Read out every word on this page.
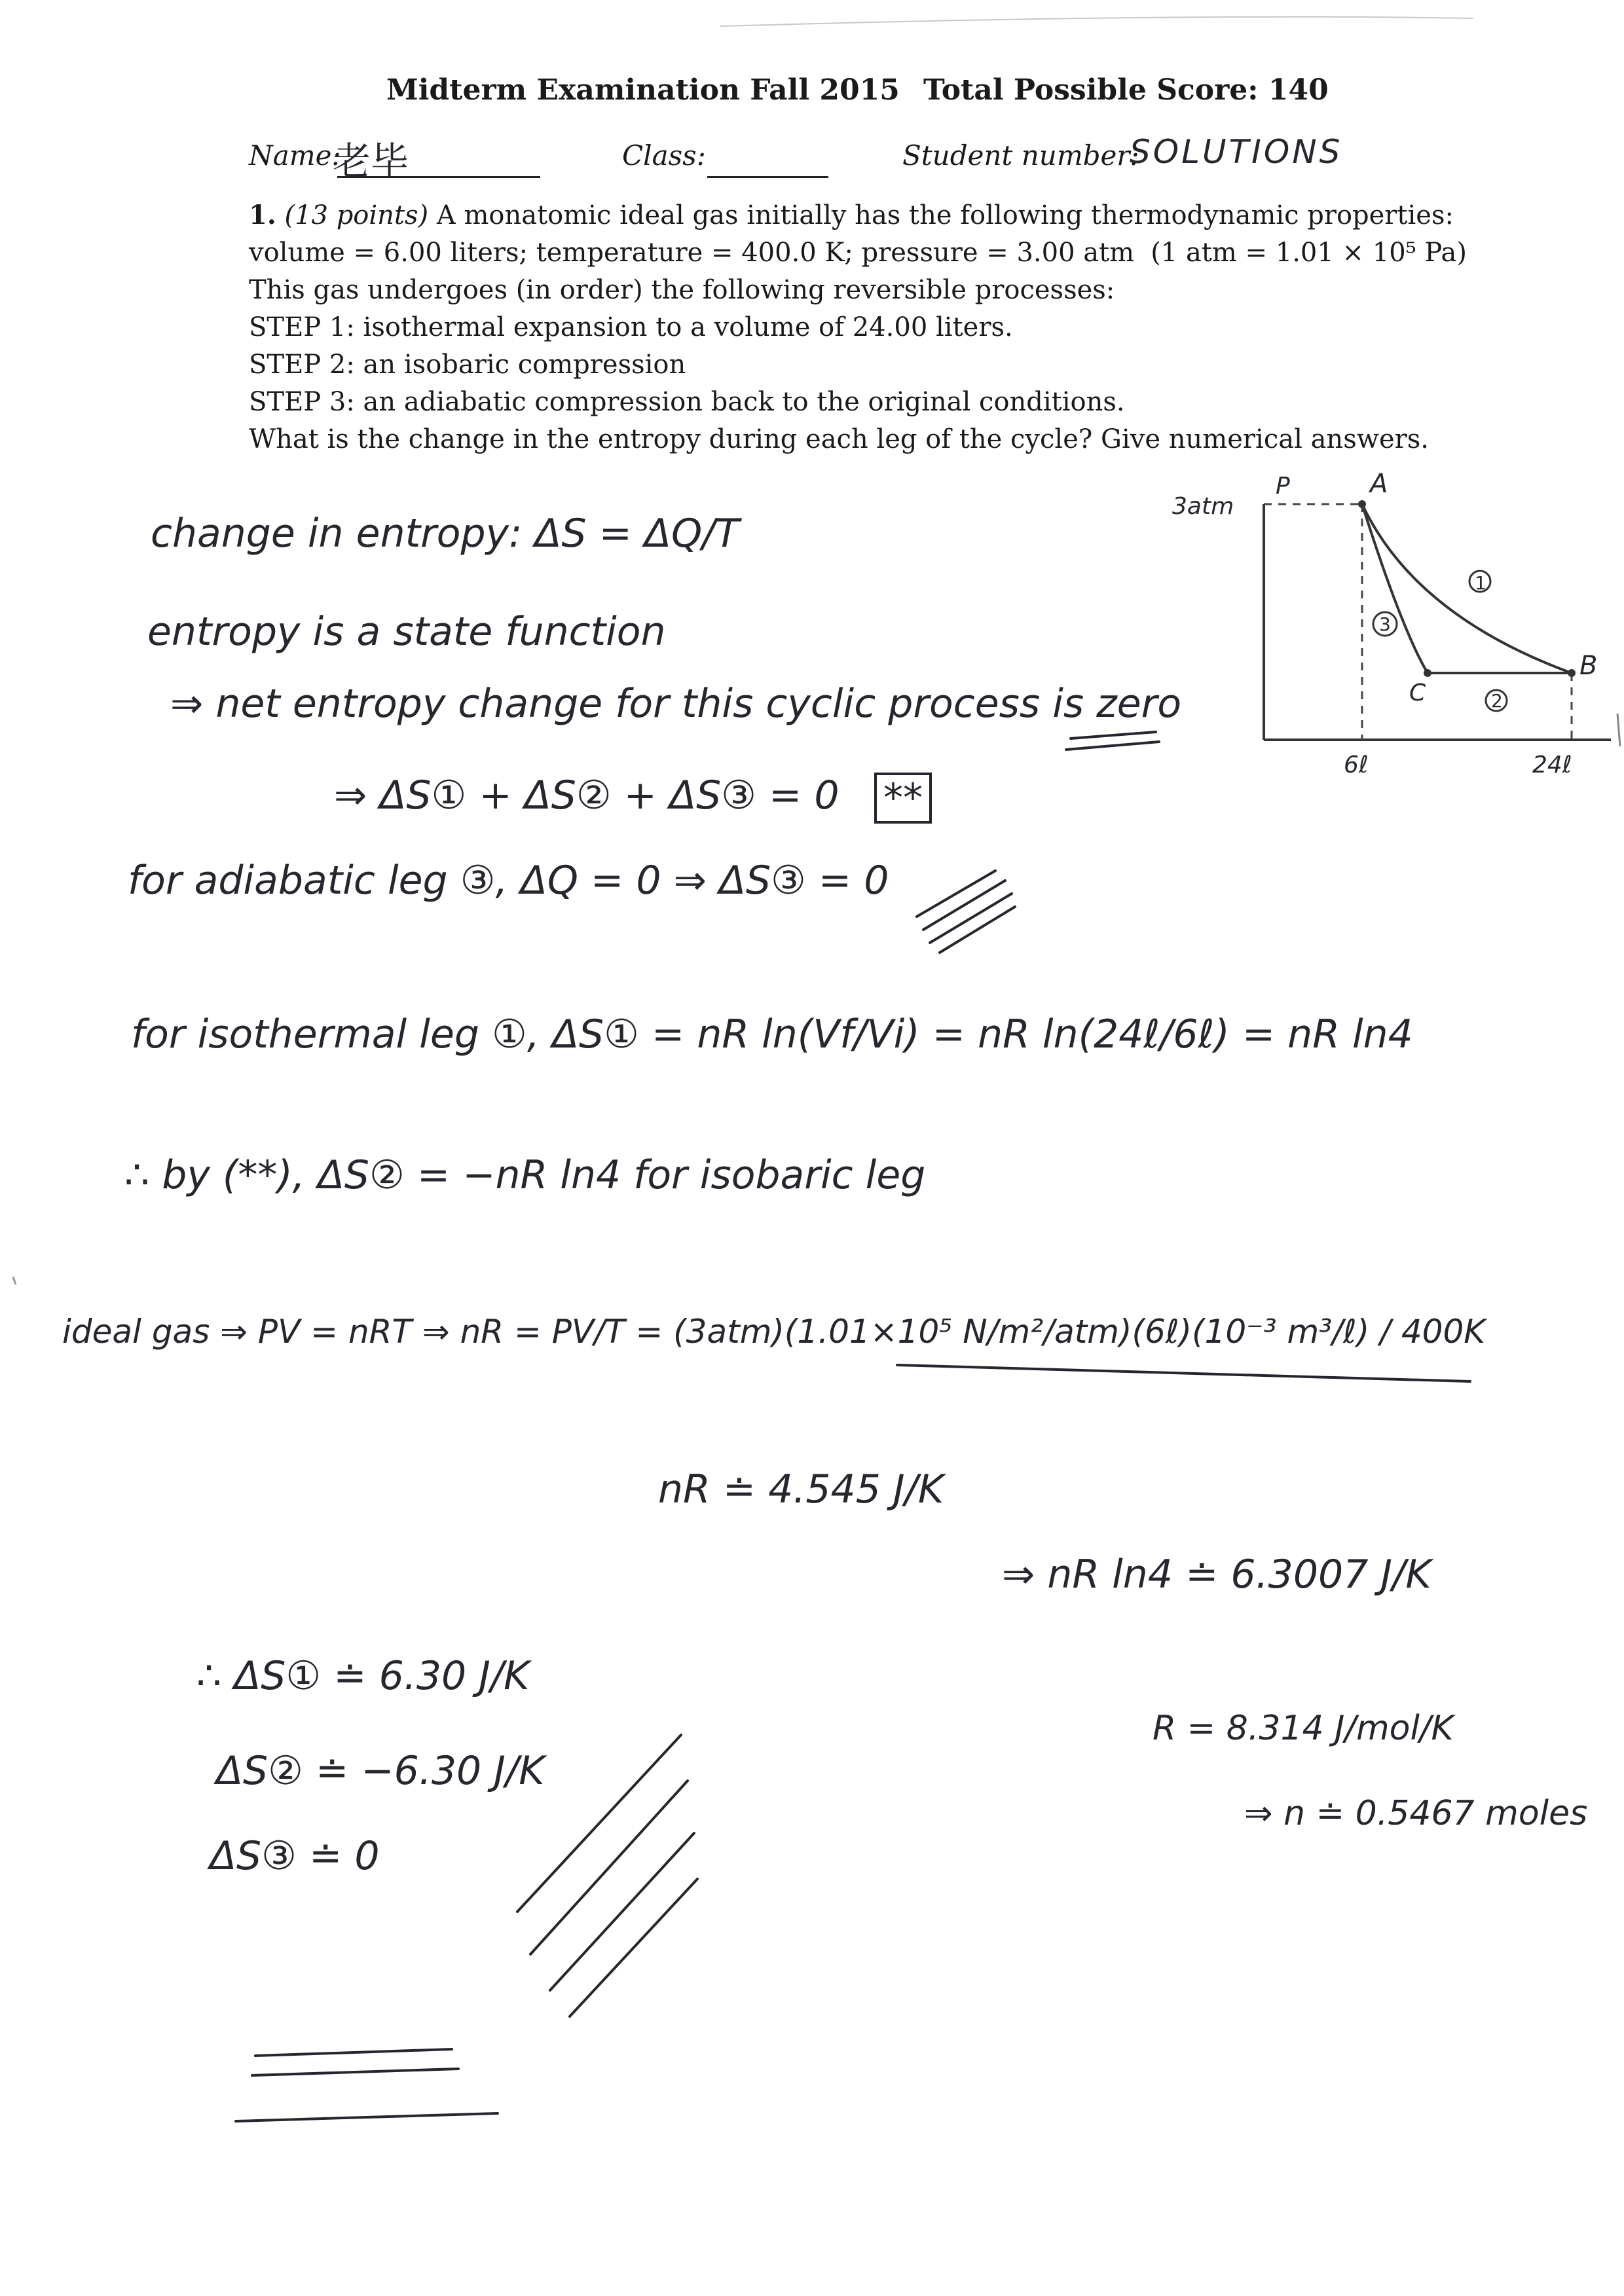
Midterm Examination Fall 2015 Total Possible Score: 140
Name:
老毕	Class:	Student number:
SOLUTIONS
1. (13 points) A monatomic ideal gas initially has the following thermodynamic properties:
volume = 6.00 liters; temperature = 400.0 K; pressure = 3.00 atm (1 atm = 1.01 × 10⁵ Pa)
This gas undergoes (in order) the following reversible processes:
STEP 1: isothermal expansion to a volume of 24.00 liters.
STEP 2: an isobaric compression
STEP 3: an adiabatic compression back to the original conditions.
What is the change in the entropy during each leg of the cycle? Give numerical answers.
P
3atm
A
B
C
1
2
3
6ℓ	24ℓ
change in entropy: ΔS = ΔQ/T
entropy is a state function
⇒ net entropy change for this cyclic process is zero
⇒ ΔS① + ΔS② + ΔS③ = 0 **
for adiabatic leg ③, ΔQ = 0 ⇒ ΔS③ = 0
for isothermal leg ①, ΔS① = nR ln(Vf/Vi) = nR ln(24ℓ/6ℓ) = nR ln4
∴ by (**), ΔS② = −nR ln4 for isobaric leg
ideal gas ⇒ PV = nRT ⇒ nR = PV/T = (3atm)(1.01×10⁵ N/m²/atm)(6ℓ)(10⁻³ m³/ℓ) / 400K
nR ≐ 4.545 J/K
⇒ nR ln4 ≐ 6.3007 J/K
∴ ΔS① ≐ 6.30 J/K
ΔS② ≐ −6.30 J/K
ΔS③ ≐ 0
R = 8.314 J/mol/K
⇒ n ≐ 0.5467 moles
